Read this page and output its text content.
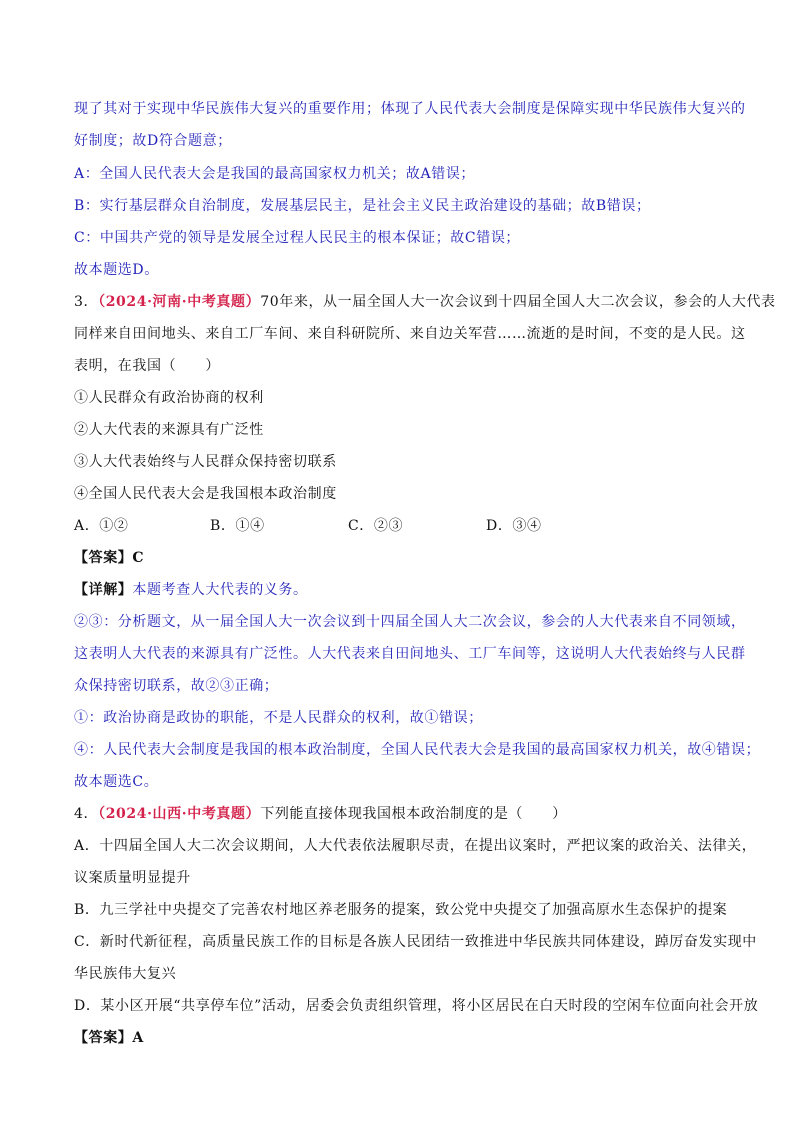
现了其对于实现中华民族伟大复兴的重要作用；体现了人民代表大会制度是保障实现中华民族伟大复兴的

好制度；故D符合题意；

A：全国人民代表大会是我国的最高国家权力机关；故A错误；

B：实行基层群众自治制度，发展基层民主，是社会主义民主政治建设的基础；故B错误；

C：中国共产党的领导是发展全过程人民民主的根本保证；故C错误；

故本题选D。

3．（2024·河南·中考真题）70年来，从一届全国人大一次会议到十四届全国人大二次会议，参会的人大代表

同样来自田间地头、来自工厂车间、来自科研院所、来自边关军营……流逝的是时间，不变的是人民。这

表明，在我国（　　）

①人民群众有政治协商的权利

②人大代表的来源具有广泛性

③人大代表始终与人民群众保持密切联系

④全国人民代表大会是我国根本政治制度

A．①②	B．①④	C．②③	D．③④

【答案】C

【详解】本题考查人大代表的义务。

②③：分析题文，从一届全国人大一次会议到十四届全国人大二次会议，参会的人大代表来自不同领域，

这表明人大代表的来源具有广泛性。人大代表来自田间地头、工厂车间等，这说明人大代表始终与人民群

众保持密切联系，故②③正确；

①：政治协商是政协的职能，不是人民群众的权利，故①错误；

④：人民代表大会制度是我国的根本政治制度，全国人民代表大会是我国的最高国家权力机关，故④错误；

故本题选C。

4．（2024·山西·中考真题）下列能直接体现我国根本政治制度的是（　　）

A．十四届全国人大二次会议期间，人大代表依法履职尽责，在提出议案时，严把议案的政治关、法律关，

议案质量明显提升

B．九三学社中央提交了完善农村地区养老服务的提案，致公党中央提交了加强高原水生态保护的提案

C．新时代新征程，高质量民族工作的目标是各族人民团结一致推进中华民族共同体建设，踔厉奋发实现中

华民族伟大复兴

D．某小区开展“共享停车位”活动，居委会负责组织管理，将小区居民在白天时段的空闲车位面向社会开放

【答案】A
